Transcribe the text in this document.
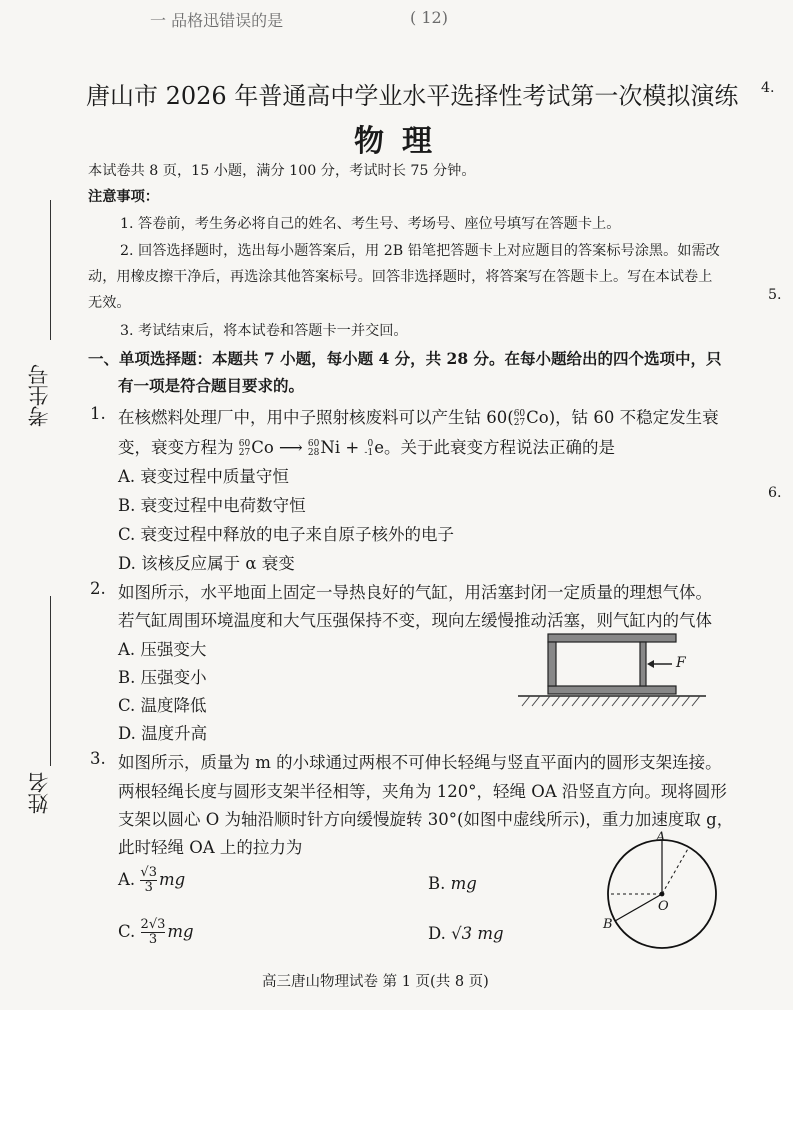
一 品格迅错误的是	( 12)
4.
5.
6.
考生号
姓名
唐山市 2026 年普通高中学业水平选择性考试第一次模拟演练
物理
本试卷共 8 页，15 小题，满分 100 分，考试时长 75 分钟。
注意事项：
1. 答卷前，考生务必将自己的姓名、考生号、考场号、座位号填写在答题卡上。
2. 回答选择题时，选出每小题答案后，用 2B 铅笔把答题卡上对应题目的答案标号涂黑。如需改
动，用橡皮擦干净后，再选涂其他答案标号。回答非选择题时，将答案写在答题卡上。写在本试卷上
无效。
3. 考试结束后，将本试卷和答题卡一并交回。
一、单项选择题：本题共 7 小题，每小题 4 分，共 28 分。在每小题给出的四个选项中，只
有一项是符合题目要求的。
1. 在核燃料处理厂中，用中子照射核废料可以产生钴 60( 60
27 Co)，钴 60 不稳定发生衰
变，衰变方程为 60
27 Co ⟶ 60
28 Ni + 0
-1 e。关于此衰变方程说法正确的是
A. 衰变过程中质量守恒
B. 衰变过程中电荷数守恒
C. 衰变过程中释放的电子来自原子核外的电子
D. 该核反应属于 α 衰变
2. 如图所示，水平地面上固定一导热良好的气缸，用活塞封闭一定质量的理想气体。
若气缸周围环境温度和大气压强保持不变，现向左缓慢推动活塞，则气缸内的气体
A. 压强变大
B. 压强变小
C. 温度降低
D. 温度升高
F
3. 如图所示，质量为 m 的小球通过两根不可伸长轻绳与竖直平面内的圆形支架连接。
两根轻绳长度与圆形支架半径相等，夹角为 120°，轻绳 OA 沿竖直方向。现将圆形
支架以圆心 O 为轴沿顺时针方向缓慢旋转 30°(如图中虚线所示)，重力加速度取 g，
此时轻绳 OA 上的拉力为
A. $\frac{√3}{3}$ mg	B. mg
C. $\frac{2√3}{3}$ mg	D. √3 mg
A
B
O
高三唐山物理试卷 第 1 页(共 8 页)
